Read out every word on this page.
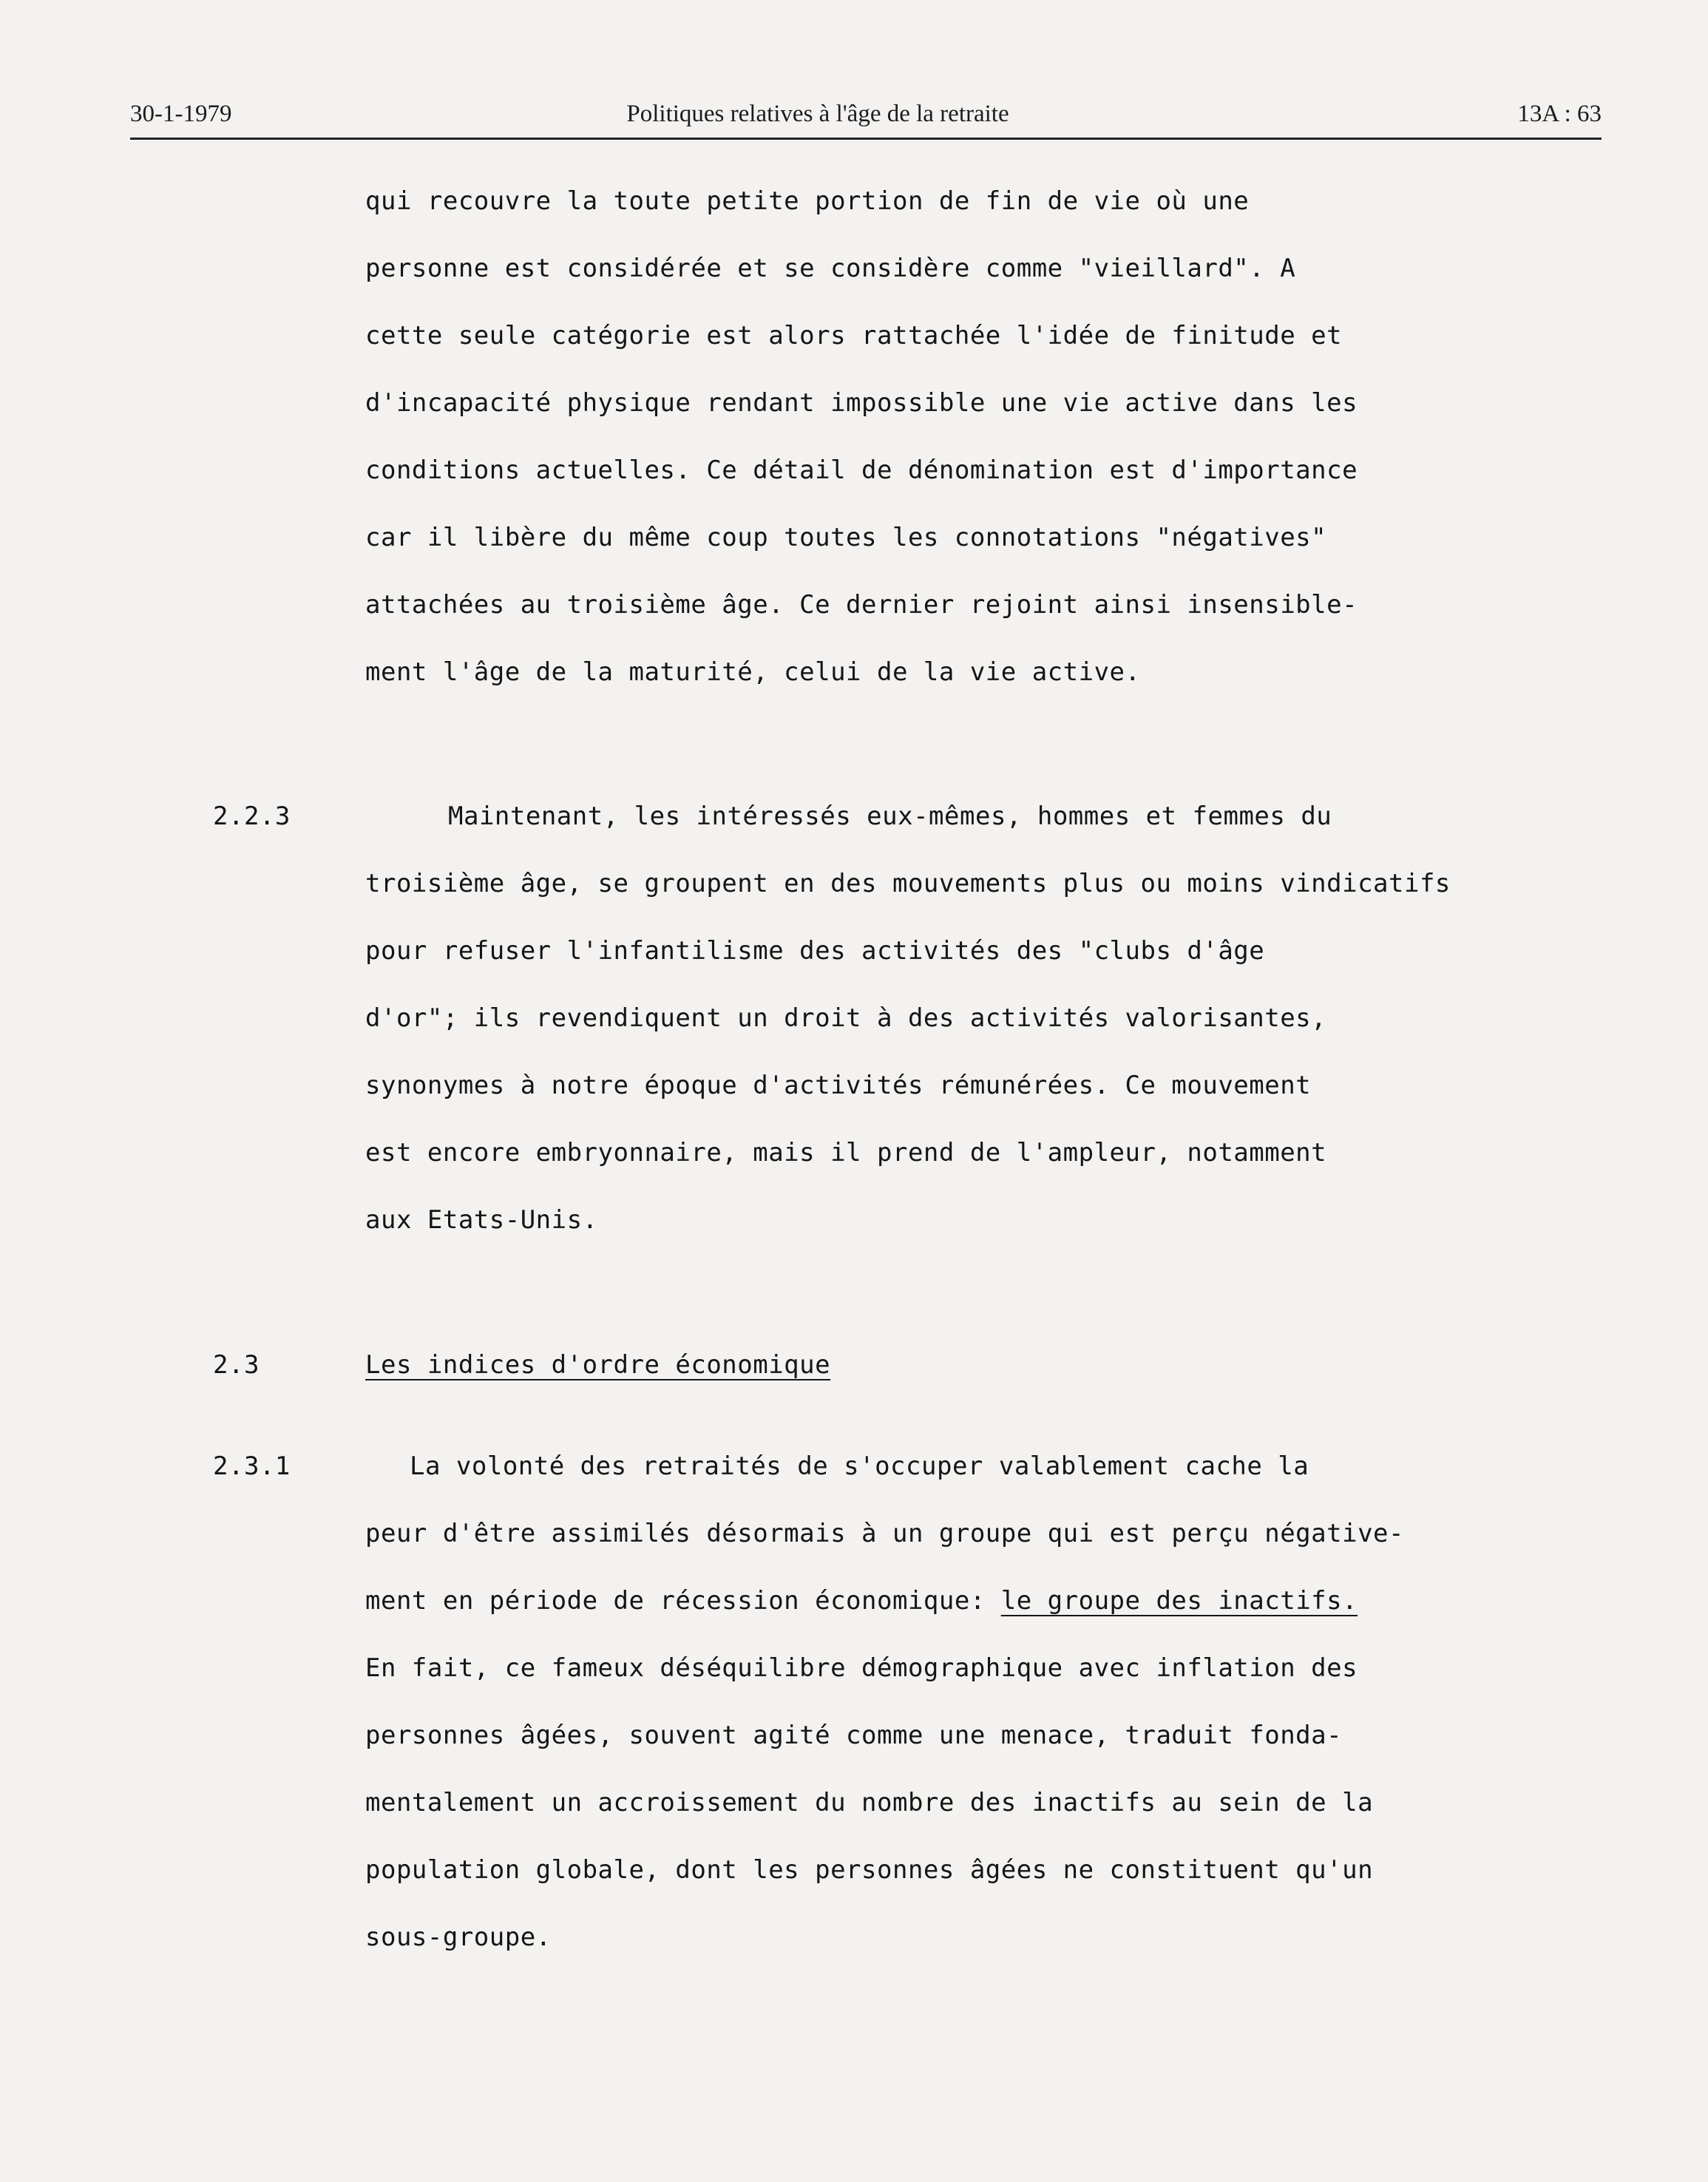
30-1-1979	Politiques relatives à l'âge de la retraite	13A : 63
qui recouvre la toute petite portion de fin de vie où une
personne est considérée et se considère comme "vieillard". A
cette seule catégorie est alors rattachée l'idée de finitude et
d'incapacité physique rendant impossible une vie active dans les
conditions actuelles. Ce détail de dénomination est d'importance
car il libère du même coup toutes les connotations "négatives"
attachées au troisième âge. Ce dernier rejoint ainsi insensible-
ment l'âge de la maturité, celui de la vie active.
2.2.3	Maintenant, les intéressés eux-mêmes, hommes et femmes du
troisième âge, se groupent en des mouvements plus ou moins vindicatifs
pour refuser l'infantilisme des activités des "clubs d'âge
d'or"; ils revendiquent un droit à des activités valorisantes,
synonymes à notre époque d'activités rémunérées. Ce mouvement
est encore embryonnaire, mais il prend de l'ampleur, notamment
aux Etats-Unis.
2.3	Les indices d'ordre économique
2.3.1	La volonté des retraités de s'occuper valablement cache la
peur d'être assimilés désormais à un groupe qui est perçu négative-
ment en période de récession économique: le groupe des inactifs.
En fait, ce fameux déséquilibre démographique avec inflation des
personnes âgées, souvent agité comme une menace, traduit fonda-
mentalement un accroissement du nombre des inactifs au sein de la
population globale, dont les personnes âgées ne constituent qu'un
sous-groupe.
